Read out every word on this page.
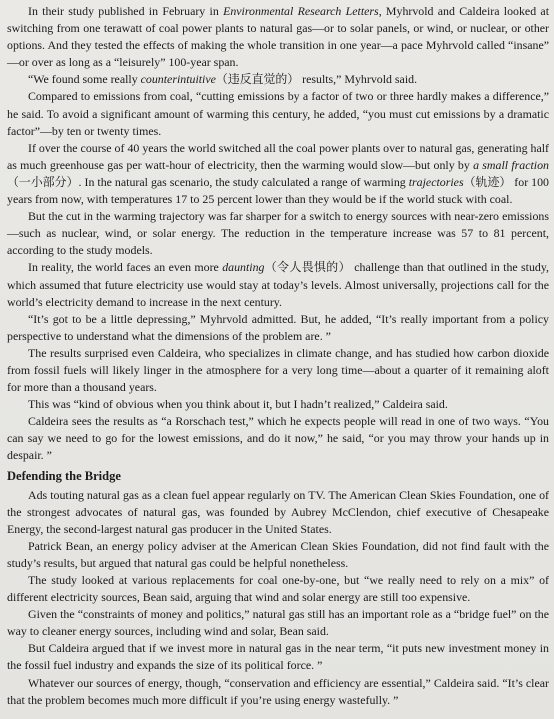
In their study published in February in Environmental Research Letters, Myhrvold and Caldeira looked at switching from one terawatt of coal power plants to natural gas—or to solar panels, or wind, or nuclear, or other options. And they tested the effects of making the whole transition in one year—a pace Myhrvold called “insane” —or over as long as a “leisurely” 100-year span.

“We found some really counterintuitive（违反直觉的） results,” Myhrvold said.

Compared to emissions from coal, “cutting emissions by a factor of two or three hardly makes a difference,” he said. To avoid a significant amount of warming this century, he added, “you must cut emissions by a dramatic factor”—by ten or twenty times.

If over the course of 40 years the world switched all the coal power plants over to natural gas, generating half as much greenhouse gas per watt-hour of electricity, then the warming would slow—but only by a small fraction（一小部分）. In the natural gas scenario, the study calculated a range of warming trajectories（轨迹） for 100 years from now, with temperatures 17 to 25 percent lower than they would be if the world stuck with coal.

But the cut in the warming trajectory was far sharper for a switch to energy sources with near-zero emissions—such as nuclear, wind, or solar energy. The reduction in the temperature increase was 57 to 81 percent, according to the study models.

In reality, the world faces an even more daunting（令人畏惧的） challenge than that outlined in the study, which assumed that future electricity use would stay at today’s levels. Almost universally, projections call for the world’s electricity demand to increase in the next century.

“It’s got to be a little depressing,” Myhrvold admitted. But, he added, “It’s really important from a policy perspective to understand what the dimensions of the problem are. ”

The results surprised even Caldeira, who specializes in climate change, and has studied how carbon dioxide from fossil fuels will likely linger in the atmosphere for a very long time—about a quarter of it remaining aloft for more than a thousand years.

This was “kind of obvious when you think about it, but I hadn’t realized,” Caldeira said.

Caldeira sees the results as “a Rorschach test,” which he expects people will read in one of two ways. “You can say we need to go for the lowest emissions, and do it now,” he said, “or you may throw your hands up in despair. ”

Defending the Bridge

Ads touting natural gas as a clean fuel appear regularly on TV. The American Clean Skies Foundation, one of the strongest advocates of natural gas, was founded by Aubrey McClendon, chief executive of Chesapeake Energy, the second-largest natural gas producer in the United States.

Patrick Bean, an energy policy adviser at the American Clean Skies Foundation, did not find fault with the study’s results, but argued that natural gas could be helpful nonetheless.

The study looked at various replacements for coal one-by-one, but “we really need to rely on a mix” of different electricity sources, Bean said, arguing that wind and solar energy are still too expensive.

Given the “constraints of money and politics,” natural gas still has an important role as a “bridge fuel” on the way to cleaner energy sources, including wind and solar, Bean said.

But Caldeira argued that if we invest more in natural gas in the near term, “it puts new investment money in the fossil fuel industry and expands the size of its political force. ”

Whatever our sources of energy, though, “conservation and efficiency are essential,” Caldeira said. “It’s clear that the problem becomes much more difficult if you’re using energy wastefully. ”
